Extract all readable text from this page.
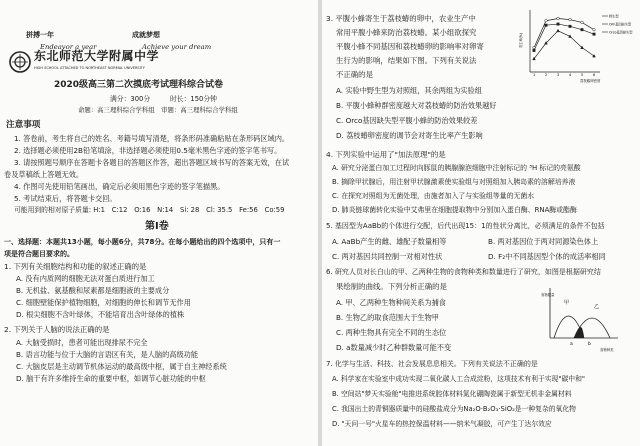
拼搏一年	成就梦想
Endeavor a year	Achieve your dream
东北师范大学附属中学
HIGH SCHOOL ATTACHED TO NORTHEAST NORMAL UNIVERSITY
2020级高三第二次摸底考试理科综合试卷
满分：300分	时长：150分钟
命题：高三理科综合学科组　审题：高三理科综合学科组
注意事项
1. 答卷前，考生将自己的姓名、考籍号填写清楚，将条形码准确粘贴在条形码区域内。
2. 选择题必须使用2B铅笔填涂，非选择题必须使用0.5毫米黑色字迹的签字笔书写。
3. 请按照题号顺序在答题卡各题目的答题区作答，超出答题区域书写的答案无效，在试
卷及草稿纸上答题无效。
4. 作图可先使用铅笔画出，确定后必须用黑色字迹的签字笔描黑。
5. 考试结束后，将答题卡交回。
可能用到的相对原子质量: H:1　C:12　O:16　N:14　Si: 28　Cl: 35.5　Fe:56　Co:59
第Ⅰ卷
一、选择题：本题共13小题，每小题6分，共78分。在每小题给出的四个选项中，只有一
项是符合题目要求的。
1. 下列有关细胞结构和功能的叙述正确的是
A. 没有内质网的细胞无法对蛋白质进行加工
B. 无机盐、氨基酸和尿素都是细胞液的主要成分
C. 细胞壁能保护植物细胞，对细胞的伸长和调节无作用
D. 根尖细胞不含叶绿体，不能培育出含叶绿体的植株
2. 下列关于人脑的说法正确的是
A. 大脑受损时，患者可能出现排尿不完全
B. 语言功能与位于大脑的言语区有关，是人脑的高级功能
C. 大脑皮层是主动调节机体运动的最高级中枢，属于自主神经系统
D. 脑干有许多维持生命的重要中枢，如调节心脏功能的中枢
3. 平腹小蜂寄生于荔枝蝽的卵中，农业生产中
常用平腹小蜂来防治荔枝蝽。某小组欲探究
平腹小蜂不同基因和荔枝蝽卵的影响率对卵寄
生行为的影响，结果如下图。下列有关说法
不正确的是
A. 实验中野生型为对照组，其余两组为实验组
B. 平腹小蜂种群密度越大对荔枝蝽的防治效果越好
C. Orco基因缺失型平腹小蜂的防治效果较差
D. 荔枝蝽卵密度的调节会对寄生比率产生影响
寄生率(%)
荔枝蝽卵密度
1	2	3	4	5	6
野生型
OFF基因缺失型
Orco基因缺失型
4. 下列实验中运用了"加法原理"的是
A. 研究分泌蛋白加工过程时向豚鼠的胰腺腺泡细胞中注射标记的 ³H 标记的亮氨酸
B. 摘除甲状腺后，用注射甲状腺激素使实验组与对照组加入胰岛素的溶解培养液
C. 在探究对照组为无菌处理，由施者加入了与实验组等量的无菌水
D. 肺炎链球菌转化实验中艾弗里在细胞提取物中分别加入蛋白酶、RNA酶或酯酶
5. 基因型为AaBb的个体进行交配，后代出现15：1的性状分离比，必须满足的条件不包括
A. AaBb产生的雌、雄配子数量相等	B. 两对基因位于两对同源染色体上
C. 两对基因共同控制一对相对性状	D. F₂中不同基因型个体的成活率相同
6. 研究人员对长白山的甲、乙两种生物的食物种类和数量进行了研究，如图是根据研究结
果绘制的曲线。下列分析正确的是
A. 甲、乙两种生物种间关系为捕食
B. 生物乙的取食范围大于生物甲
C. 两种生物具有完全不同的生态位
D. a数量减少时乙种群数量可能不变
甲
乙
a	b
食物数量
食物种类
7. 化学与生活、科技、社会发展息息相关。下列有关说法不正确的是
A. 科学家在实验室中成功实现二氧化碳人工合成淀粉，这项技术有利于实现"碳中和"
B. 空间站"梦天实验舱"电推进系统腔体材料氮化硼陶瓷属于新型无机非金属材料
C. 我国出土的青铜器质量中的硅酸盐成分为Na₂O·B₂O₃·SiO₂是一种复杂的氧化物
D. "天问一号"火星车的热控保温材料——纳米气凝胶，可产生丁达尔效应
